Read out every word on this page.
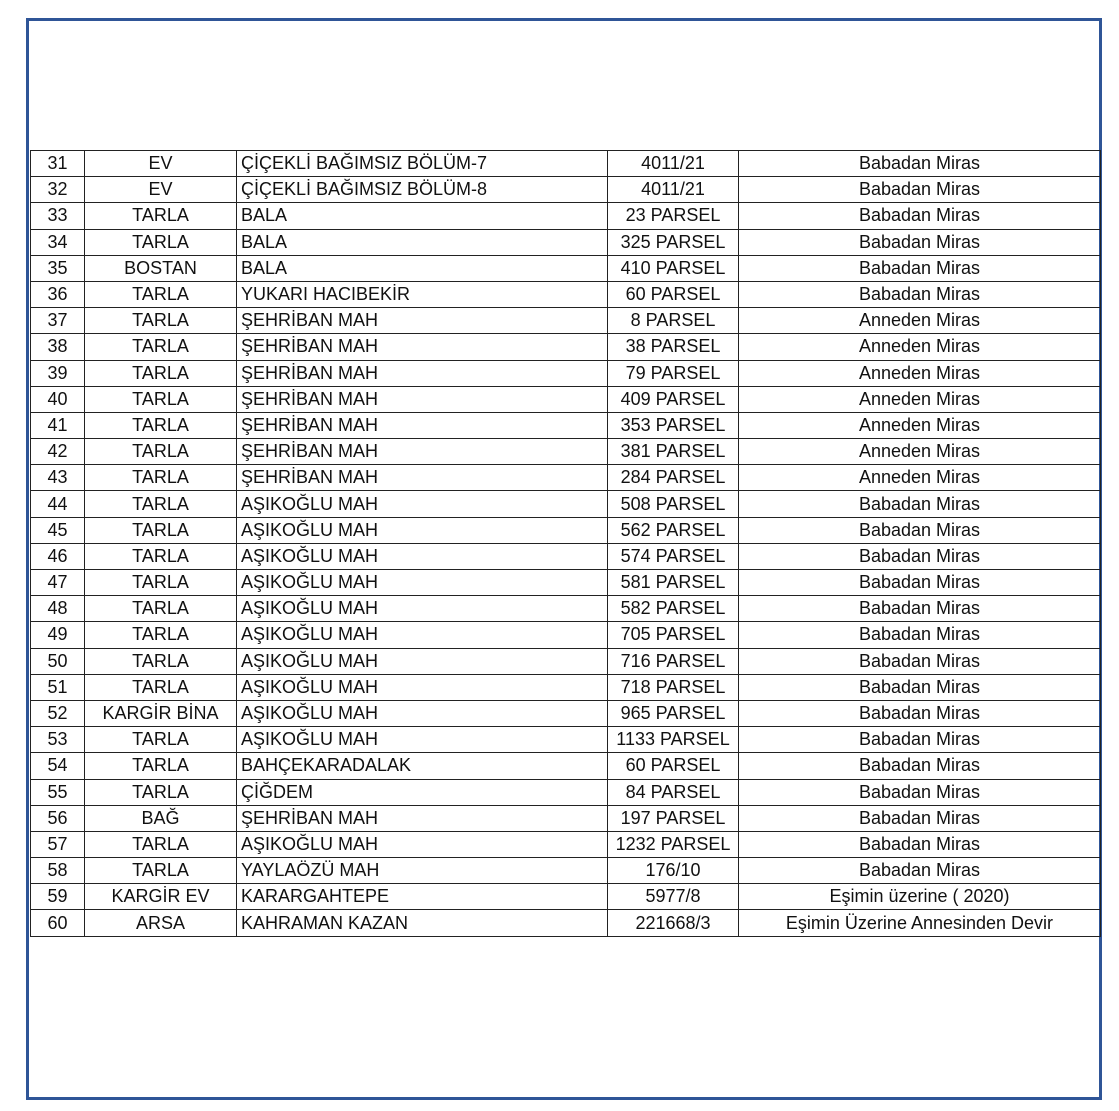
31	EV	ÇİÇEKLİ BAĞIMSIZ BÖLÜM-7	4011/21	Babadan Miras
32	EV	ÇİÇEKLİ BAĞIMSIZ BÖLÜM-8	4011/21	Babadan Miras
33	TARLA	BALA	23 PARSEL	Babadan Miras
34	TARLA	BALA	325 PARSEL	Babadan Miras
35	BOSTAN	BALA	410 PARSEL	Babadan Miras
36	TARLA	YUKARI HACIBEKİR	60 PARSEL	Babadan Miras
37	TARLA	ŞEHRİBAN MAH	8 PARSEL	Anneden Miras
38	TARLA	ŞEHRİBAN MAH	38 PARSEL	Anneden Miras
39	TARLA	ŞEHRİBAN MAH	79 PARSEL	Anneden Miras
40	TARLA	ŞEHRİBAN MAH	409 PARSEL	Anneden Miras
41	TARLA	ŞEHRİBAN MAH	353 PARSEL	Anneden Miras
42	TARLA	ŞEHRİBAN MAH	381 PARSEL	Anneden Miras
43	TARLA	ŞEHRİBAN MAH	284 PARSEL	Anneden Miras
44	TARLA	AŞIKOĞLU MAH	508 PARSEL	Babadan Miras
45	TARLA	AŞIKOĞLU MAH	562 PARSEL	Babadan Miras
46	TARLA	AŞIKOĞLU MAH	574 PARSEL	Babadan Miras
47	TARLA	AŞIKOĞLU MAH	581 PARSEL	Babadan Miras
48	TARLA	AŞIKOĞLU MAH	582 PARSEL	Babadan Miras
49	TARLA	AŞIKOĞLU MAH	705 PARSEL	Babadan Miras
50	TARLA	AŞIKOĞLU MAH	716 PARSEL	Babadan Miras
51	TARLA	AŞIKOĞLU MAH	718 PARSEL	Babadan Miras
52	KARGİR BİNA	AŞIKOĞLU MAH	965 PARSEL	Babadan Miras
53	TARLA	AŞIKOĞLU MAH	1133 PARSEL	Babadan Miras
54	TARLA	BAHÇEKARADALAK	60 PARSEL	Babadan Miras
55	TARLA	ÇİĞDEM	84 PARSEL	Babadan Miras
56	BAĞ	ŞEHRİBAN MAH	197 PARSEL	Babadan Miras
57	TARLA	AŞIKOĞLU MAH	1232 PARSEL	Babadan Miras
58	TARLA	YAYLAÖZÜ MAH	176/10	Babadan Miras
59	KARGİR EV	KARARGAHTEPE	5977/8	Eşimin üzerine ( 2020)
60	ARSA	KAHRAMAN KAZAN	221668/3	Eşimin Üzerine Annesinden Devir
